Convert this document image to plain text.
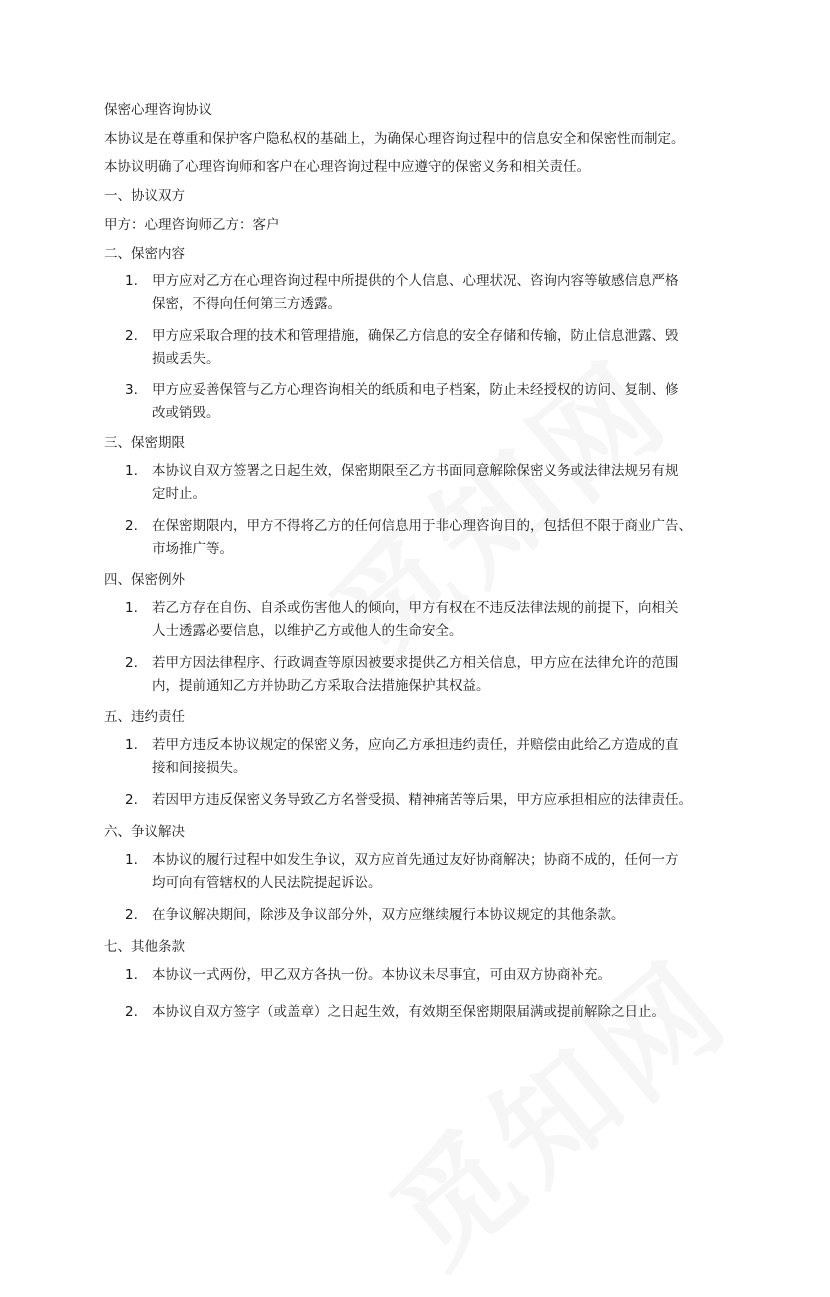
保密心理咨询协议
本协议是在尊重和保护客户隐私权的基础上，为确保心理咨询过程中的信息安全和保密性而制定。
本协议明确了心理咨询师和客户在心理咨询过程中应遵守的保密义务和相关责任。
一、协议双方
甲方：心理咨询师乙方：客户
二、保密内容
1.	甲方应对乙方在心理咨询过程中所提供的个人信息、心理状况、咨询内容等敏感信息严格
保密，不得向任何第三方透露。
2.	甲方应采取合理的技术和管理措施，确保乙方信息的安全存储和传输，防止信息泄露、毁
损或丢失。
3.	甲方应妥善保管与乙方心理咨询相关的纸质和电子档案，防止未经授权的访问、复制、修
改或销毁。
三、保密期限
1.	本协议自双方签署之日起生效，保密期限至乙方书面同意解除保密义务或法律法规另有规
定时止。
2.	在保密期限内，甲方不得将乙方的任何信息用于非心理咨询目的，包括但不限于商业广告、
市场推广等。
四、保密例外
1.	若乙方存在自伤、自杀或伤害他人的倾向，甲方有权在不违反法律法规的前提下，向相关
人士透露必要信息，以维护乙方或他人的生命安全。
2.	若甲方因法律程序、行政调查等原因被要求提供乙方相关信息，甲方应在法律允许的范围
内，提前通知乙方并协助乙方采取合法措施保护其权益。
五、违约责任
1.	若甲方违反本协议规定的保密义务，应向乙方承担违约责任，并赔偿由此给乙方造成的直
接和间接损失。
2.	若因甲方违反保密义务导致乙方名誉受损、精神痛苦等后果，甲方应承担相应的法律责任。
六、争议解决
1.	本协议的履行过程中如发生争议，双方应首先通过友好协商解决；协商不成的，任何一方
均可向有管辖权的人民法院提起诉讼。
2.	在争议解决期间，除涉及争议部分外，双方应继续履行本协议规定的其他条款。
七、其他条款
1.	本协议一式两份，甲乙双方各执一份。本协议未尽事宜，可由双方协商补充。
2.	本协议自双方签字（或盖章）之日起生效，有效期至保密期限届满或提前解除之日止。
